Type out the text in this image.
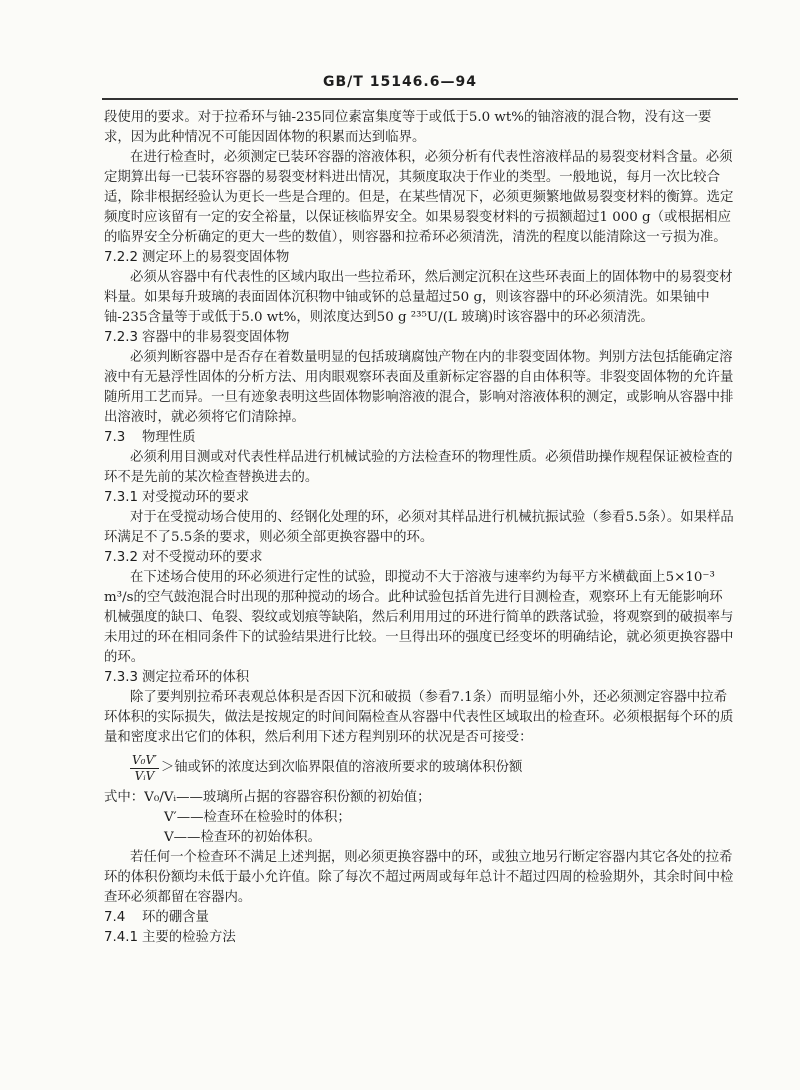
GB/T 15146.6—94

段使用的要求。对于拉希环与铀-235同位素富集度等于或低于5.0 wt%的铀溶液的混合物，没有这一要求，因为此种情况不可能因固体物的积累而达到临界。

在进行检查时，必须测定已装环容器的溶液体积，必须分析有代表性溶液样品的易裂变材料含量。必须定期算出每一已装环容器的易裂变材料进出情况，其频度取决于作业的类型。一般地说，每月一次比较合适，除非根据经验认为更长一些是合理的。但是，在某些情况下，必须更频繁地做易裂变材料的衡算。选定频度时应该留有一定的安全裕量，以保证核临界安全。如果易裂变材料的亏损额超过1 000 g（或根据相应的临界安全分析确定的更大一些的数值），则容器和拉希环必须清洗，清洗的程度以能清除这一亏损为准。

7.2.2 测定环上的易裂变固体物

必须从容器中有代表性的区域内取出一些拉希环，然后测定沉积在这些环表面上的固体物中的易裂变材料量。如果每升玻璃的表面固体沉积物中铀或钚的总量超过50 g，则该容器中的环必须清洗。如果铀中铀-235含量等于或低于5.0 wt%，则浓度达到50 g ²³⁵U/(L 玻璃)时该容器中的环必须清洗。

7.2.3 容器中的非易裂变固体物

必须判断容器中是否存在着数量明显的包括玻璃腐蚀产物在内的非裂变固体物。判别方法包括能确定溶液中有无悬浮性固体的分析方法、用肉眼观察环表面及重新标定容器的自由体积等。非裂变固体物的允许量随所用工艺而异。一旦有迹象表明这些固体物影响溶液的混合，影响对溶液体积的测定，或影响从容器中排出溶液时，就必须将它们清除掉。

7.3 物理性质

必须利用目测或对代表性样品进行机械试验的方法检查环的物理性质。必须借助操作规程保证被检查的环不是先前的某次检查替换进去的。

7.3.1 对受搅动环的要求

对于在受搅动场合使用的、经钢化处理的环，必须对其样品进行机械抗振试验（参看5.5条）。如果样品环满足不了5.5条的要求，则必须全部更换容器中的环。

7.3.2 对不受搅动环的要求

在下述场合使用的环必须进行定性的试验，即搅动不大于溶液与速率约为每平方米横截面上5×10⁻³ m³/s的空气鼓泡混合时出现的那种搅动的场合。此种试验包括首先进行目测检查，观察环上有无能影响环机械强度的缺口、龟裂、裂纹或划痕等缺陷，然后利用用过的环进行简单的跌落试验，将观察到的破损率与未用过的环在相同条件下的试验结果进行比较。一旦得出环的强度已经变坏的明确结论，就必须更换容器中的环。

7.3.3 测定拉希环的体积

除了要判别拉希环表观总体积是否因下沉和破损（参看7.1条）而明显缩小外，还必须测定容器中拉希环体积的实际损失，做法是按规定的时间间隔检查从容器中代表性区域取出的检查环。必须根据每个环的质量和密度求出它们的体积，然后利用下述方程判别环的状况是否可接受：

$\frac{\text{V₀V′}}{\text{VᵢV}}$ ＞铀或钚的浓度达到次临界限值的溶液所要求的玻璃体积份额

式中：V₀/Vᵢ——玻璃所占据的容器容积份额的初始值；

V′——检查环在检验时的体积；

V——检查环的初始体积。

若任何一个检查环不满足上述判据，则必须更换容器中的环，或独立地另行断定容器内其它各处的拉希环的体积份额均未低于最小允许值。除了每次不超过两周或每年总计不超过四周的检验期外，其余时间中检查环必须都留在容器内。

7.4 环的硼含量

7.4.1 主要的检验方法
